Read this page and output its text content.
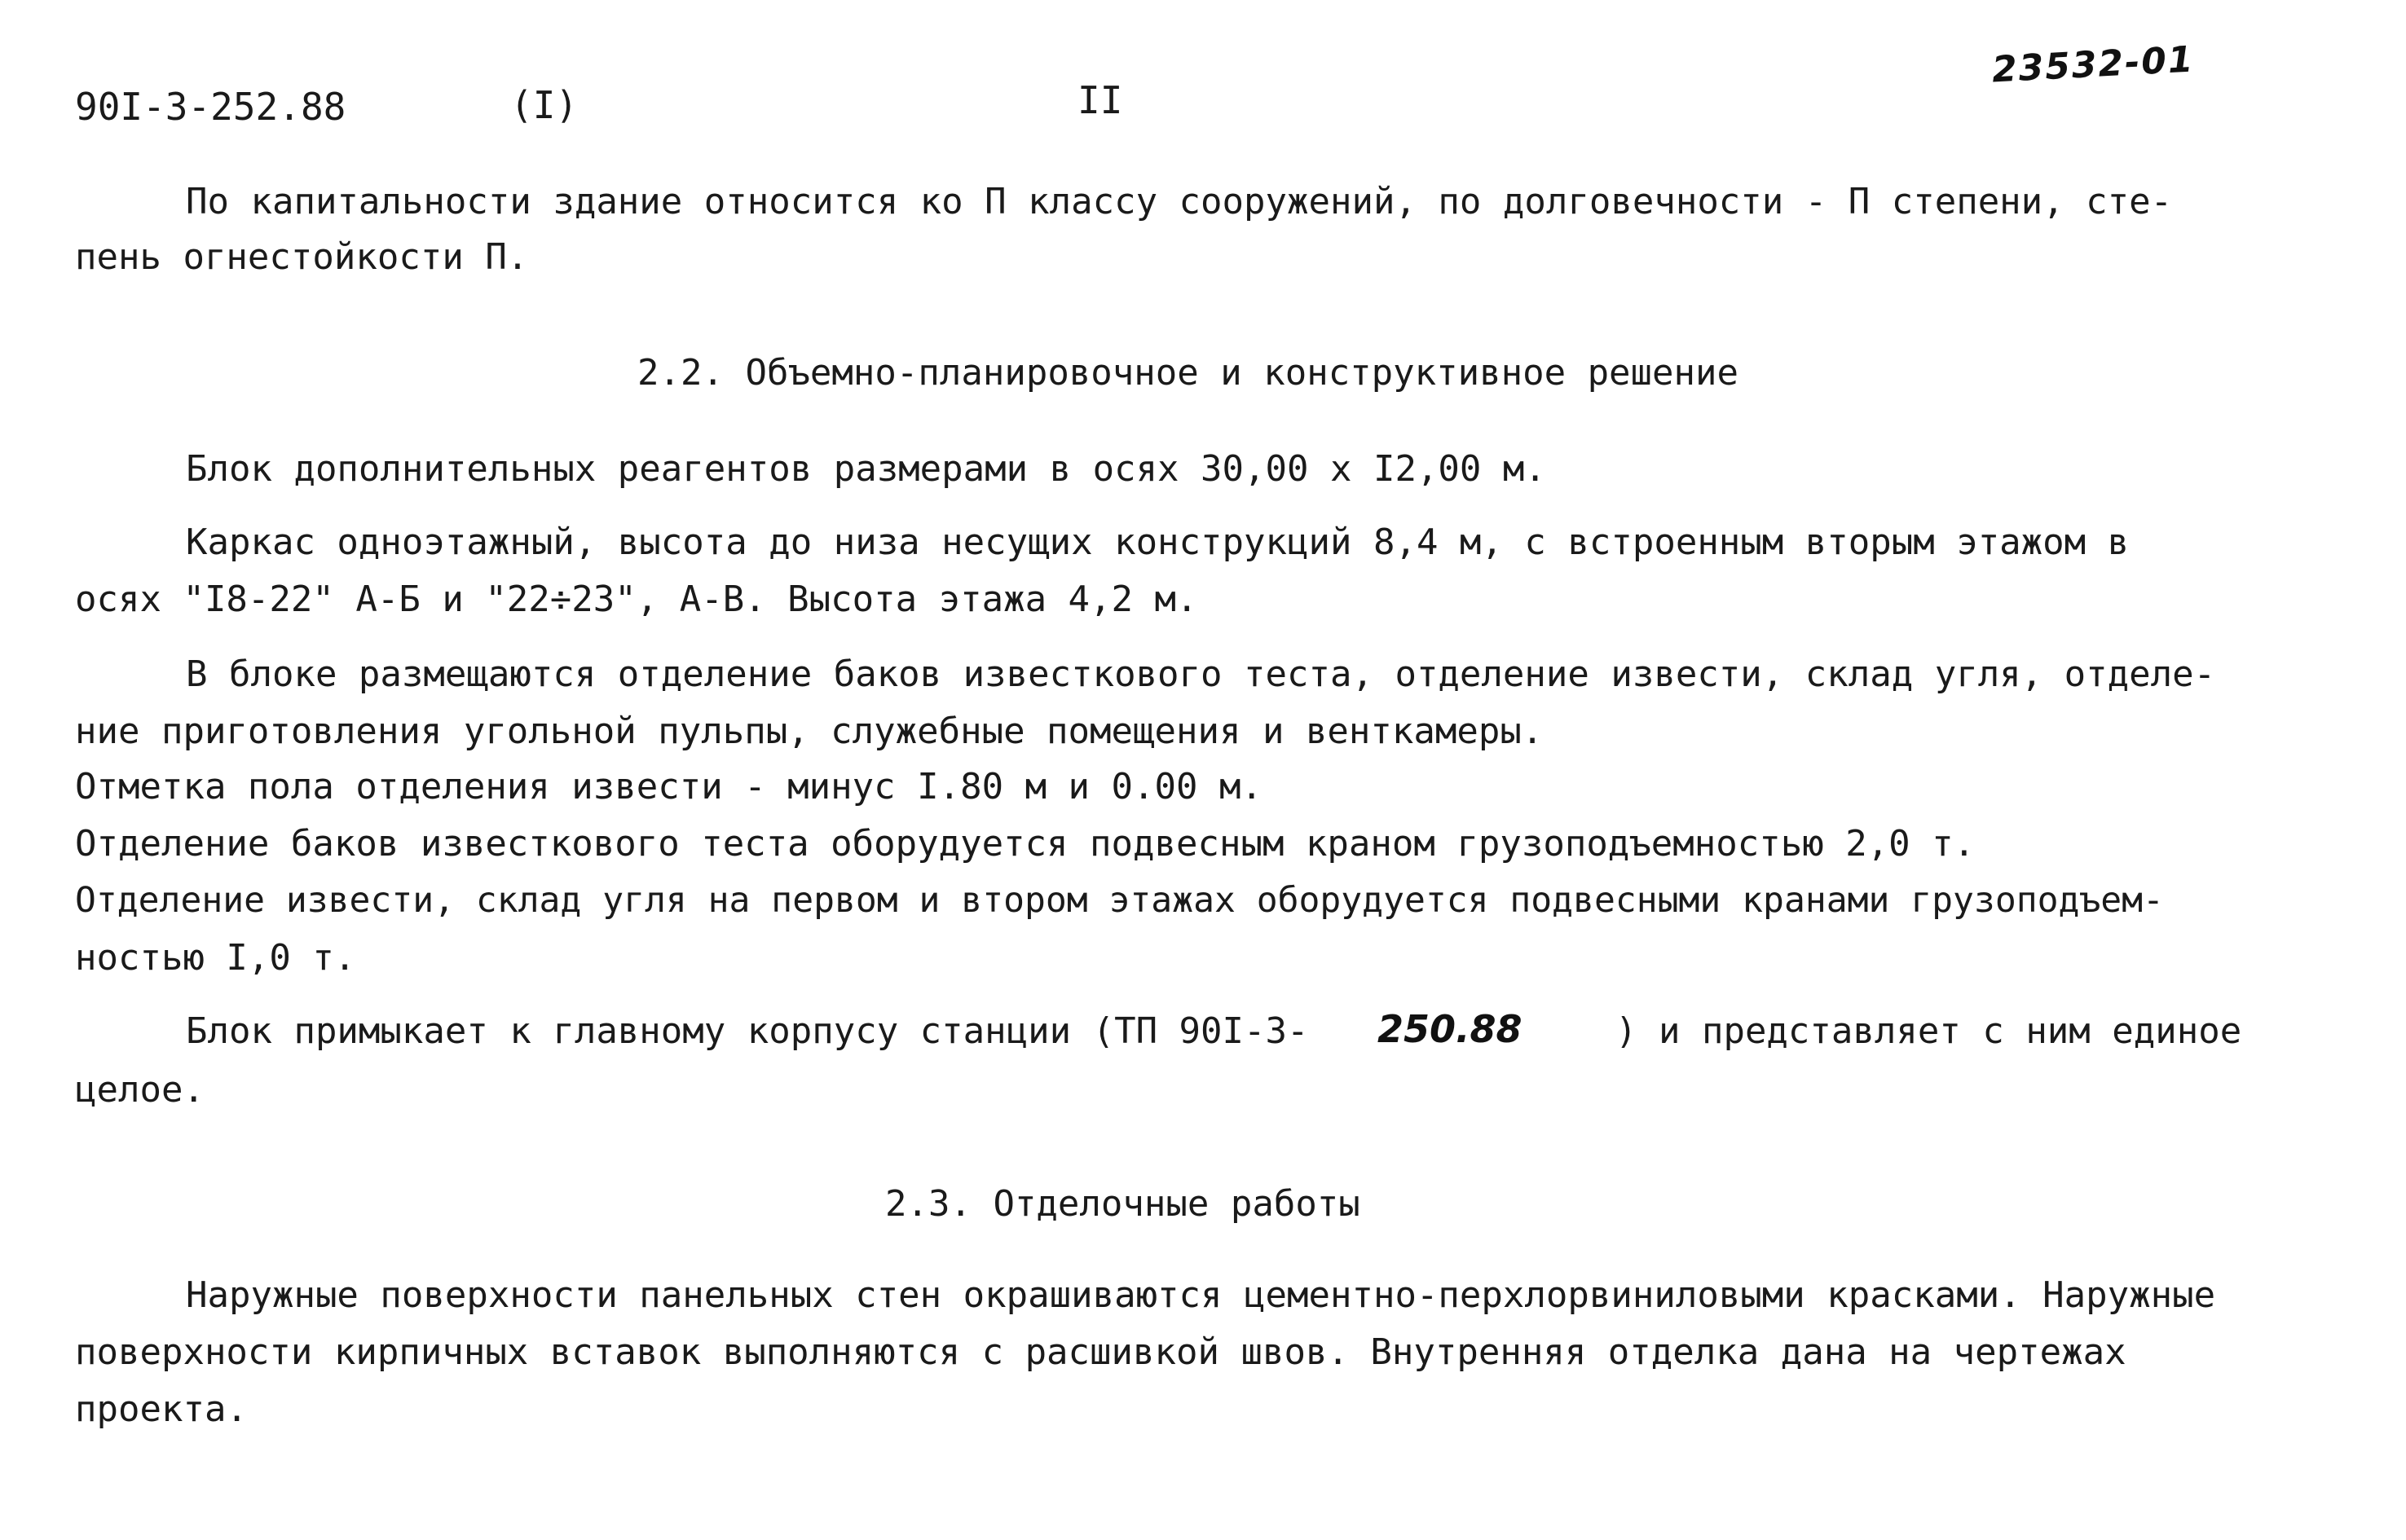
90I-3-252.88	(I)	II
23532-01
По капитальности здание относится ко П классу сооружений, по долговечности - П степени, сте-
пень огнестойкости П.
2.2. Объемно-планировочное и конструктивное решение
Блок дополнительных реагентов размерами в осях 30,00 х I2,00 м.
Каркас одноэтажный, высота до низа несущих конструкций 8,4 м, с встроенным вторым этажом в
осях "I8-22" А-Б и "22÷23", А-В. Высота этажа 4,2 м.
В блоке размещаются отделение баков известкового теста, отделение извести, склад угля, отделе-
ние приготовления угольной пульпы, служебные помещения и венткамеры.
Отметка пола отделения извести - минус I.80 м и 0.00 м.
Отделение баков известкового теста оборудуется подвесным краном грузоподъемностью 2,0 т.
Отделение извести, склад угля на первом и втором этажах оборудуется подвесными кранами грузоподъем-
ностью I,0 т.
Блок примыкает к главному корпусу станции (ТП 90I-3- 250.88	) и представляет с ним единое
целое.
2.3. Отделочные работы
Наружные поверхности панельных стен окрашиваются цементно-перхлорвиниловыми красками. Наружные
поверхности кирпичных вставок выполняются с расшивкой швов. Внутренняя отделка дана на чертежах
проекта.
